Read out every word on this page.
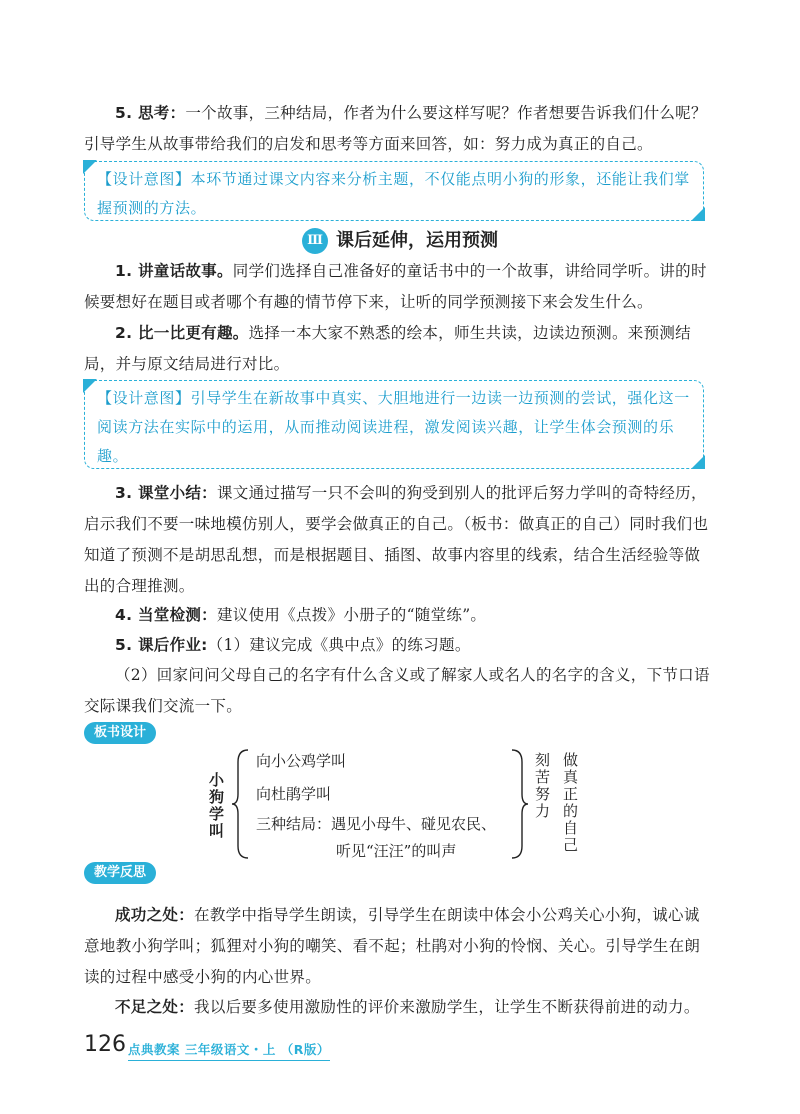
5. 思考：一个故事，三种结局，作者为什么要这样写呢？作者想要告诉我们什么呢？引导学生从故事带给我们的启发和思考等方面来回答，如：努力成为真正的自己。

【设计意图】本环节通过课文内容来分析主题，不仅能点明小狗的形象，还能让我们掌握预测的方法。
Ⅲ 课后延伸，运用预测

1. 讲童话故事。同学们选择自己准备好的童话书中的一个故事，讲给同学听。讲的时候要想好在题目或者哪个有趣的情节停下来，让听的同学预测接下来会发生什么。

2. 比一比更有趣。选择一本大家不熟悉的绘本，师生共读，边读边预测。来预测结局，并与原文结局进行对比。

【设计意图】引导学生在新故事中真实、大胆地进行一边读一边预测的尝试，强化这一阅读方法在实际中的运用，从而推动阅读进程，激发阅读兴趣，让学生体会预测的乐趣。

3. 课堂小结：课文通过描写一只不会叫的狗受到别人的批评后努力学叫的奇特经历，启示我们不要一味地模仿别人，要学会做真正的自己。（板书：做真正的自己）同时我们也知道了预测不是胡思乱想，而是根据题目、插图、故事内容里的线索，结合生活经验等做出的合理推测。

4. 当堂检测：建议使用《点拨》小册子的“随堂练”。

5. 课后作业:（1）建议完成《典中点》的练习题。

（2）回家问问父母自己的名字有什么含义或了解家人或名人的名字的含义，下节口语交际课我们交流一下。

板书设计
小狗学叫
向小公鸡学叫
向杜鹃学叫
三种结局：遇见小母牛、碰见农民、
听见“汪汪”的叫声
刻苦努力 做真正的自己
教学反思

成功之处：在教学中指导学生朗读，引导学生在朗读中体会小公鸡关心小狗，诚心诚意地教小狗学叫；狐狸对小狗的嘲笑、看不起；杜鹃对小狗的怜悯、关心。引导学生在朗读的过程中感受小狗的内心世界。

不足之处：我以后要多使用激励性的评价来激励学生，让学生不断获得前进的动力。

126 点典教案 三年级语文・上 （R版）
